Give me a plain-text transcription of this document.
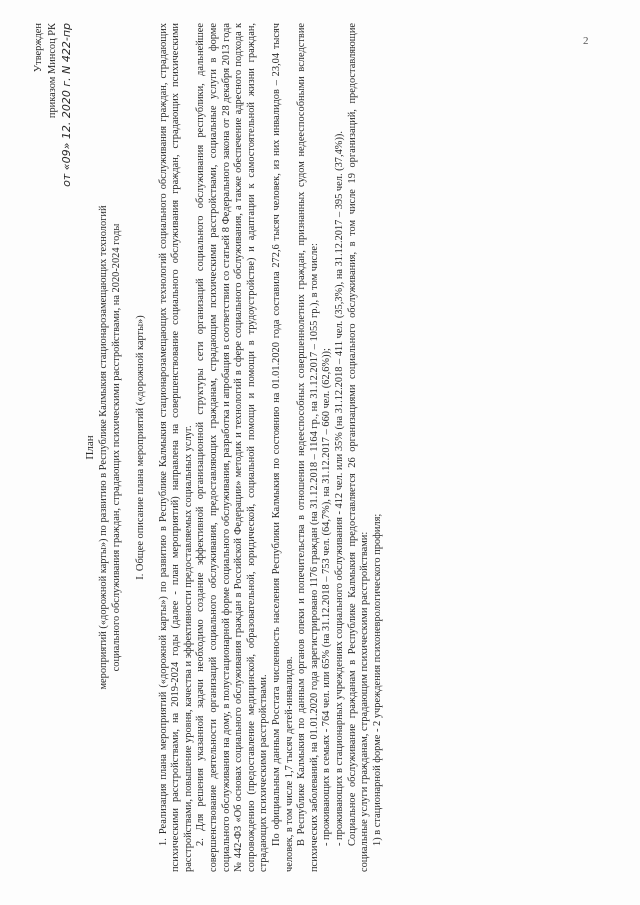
2
Утвержден приказом Минсоц РК от «09» 12. 2020 г. N 422-пр
План мероприятий («дорожной карты») по развитию в Республике Калмыкия стационарозамещающих технологий социального обслуживания граждан, страдающих психическими расстройствами, на 2020-2024 годы I. Общее описание плана мероприятий («дорожной карты») 1. Реализация плана мероприятий («дорожной карты») по развитию в Республике Калмыкия стационарозамещающих технологий социального обслуживания граждан, страдающих психическими расстройствами, на 2019-2024 годы (далее - план мероприятий) направлена на совершенствование социального обслуживания граждан, страдающих психическими расстройствами, повышение уровня, качества и эффективности предоставляемых социальных услуг. 2. Для решения указанной задачи необходимо создание эффективной организационной структуры сети организаций социального обслуживания республики, дальнейшее совершенствование деятельности организаций социального обслуживания, предоставляющих гражданам, страдающим психическими расстройствами, социальные услуги в форме социального обслуживания на дому, в полустационарной форме социального обслуживания, разработка и апробация в соответствии со статьей 8 Федерального закона от 28 декабря 2013 года № 442-ФЗ «Об основах социального обслуживания граждан в Российской Федерации» методик и технологий в сфере социального обслуживания, а также обеспечение адресного подхода к сопровождению (предоставление медицинской, образовательной, юридической, социальной помощи и помощи в трудоустройстве) и адаптации к самостоятельной жизни граждан, страдающих психическими расстройствами. По официальным данным Росстата численность населения Республики Калмыкия по состоянию на 01.01.2020 года составила 272,6 тысяч человек, из них инвалидов – 23,04 тысяч человек, в том числе 1,7 тысяч детей-инвалидов. В Республике Калмыкия по данным органов опеки и попечительства в отношении недееспособных совершеннолетних граждан, признанных судом недееспособными вследствие психических заболеваний, на 01.01.2020 года зарегистрировано 1176 граждан (на 31.12.2018 – 1164 гр., на 31.12.2017 – 1055 гр.), в том числе: - проживающих в семьях - 764 чел. или 65% (на 31.12.2018 – 753 чел. (64,7%), на 31.12.2017 – 660 чел. (62,6%)); - проживающих в стационарных учреждениях социального обслуживания - 412 чел. или 35% (на 31.12.2018 – 411 чел. (35,3%), на 31.12.2017 – 395 чел. (37,4%)). Социальное обслуживание гражданам в Республике Калмыкия предоставляется 26 организациями социального обслуживания, в том числе 19 организаций, предоставляющие социальные услуги гражданам, страдающим психическими расстройствами: 1) в стационарной форме - 2 учреждения психоневрологического профиля;
